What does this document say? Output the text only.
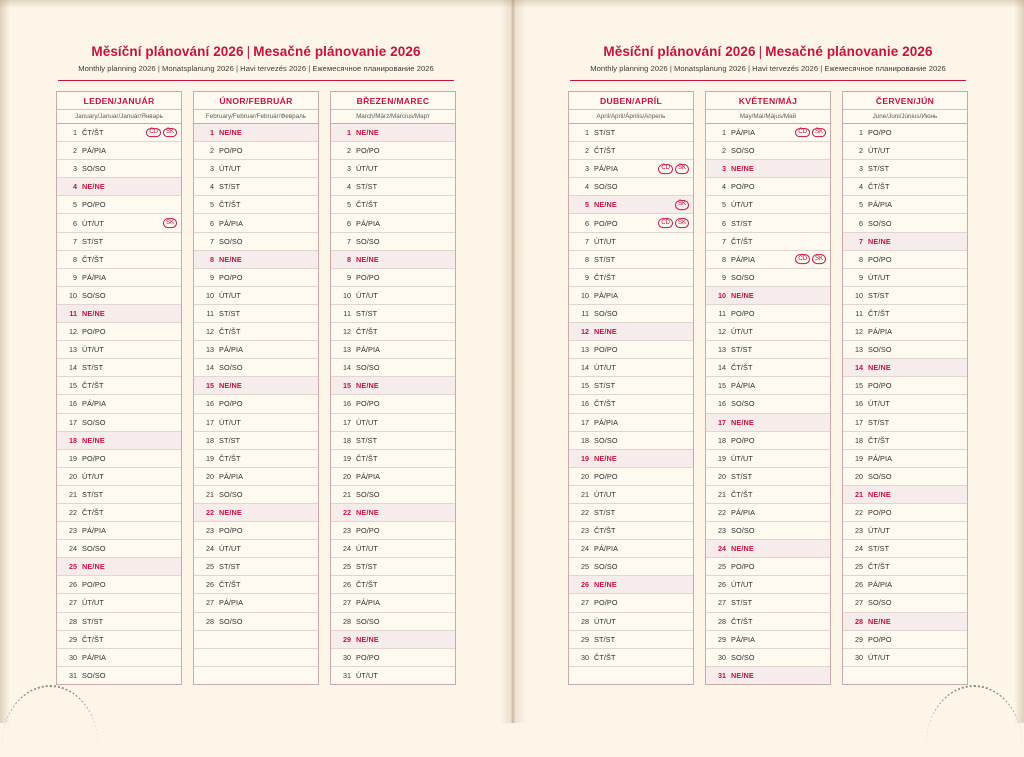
Měsíční plánování 2026 | Mesačné plánovanie 2026
Monthly planning 2026 | Monatsplanung 2026 | Havi tervezés 2026 | Ежемесячное планирование 2026
LEDEN/JANUÁR
January/Januar/Január/Январь
1 ČT/ŠT	ČD	ŠK
2 PÁ/PIA
3 SO/SO
4 NE/NE
5 PO/PO
6 ÚT/UT	ŠK
7 ST/ST
8 ČT/ŠT
9 PÁ/PIA
10 SO/SO
11 NE/NE
12 PO/PO
13 ÚT/UT
14 ST/ST
15 ČT/ŠT
16 PÁ/PIA
17 SO/SO
18 NE/NE
19 PO/PO
20 ÚT/UT
21 ST/ST
22 ČT/ŠT
23 PÁ/PIA
24 SO/SO
25 NE/NE
26 PO/PO
27 ÚT/UT
28 ST/ST
29 ČT/ŠT
30 PÁ/PIA
31 SO/SO
ÚNOR/FEBRUÁR
February/Februar/Február/Февраль
1 NE/NE
2 PO/PO
3 ÚT/UT
4 ST/ST
5 ČT/ŠT
6 PÁ/PIA
7 SO/SO
8 NE/NE
9 PO/PO
10 ÚT/UT
11 ST/ST
12 ČT/ŠT
13 PÁ/PIA
14 SO/SO
15 NE/NE
16 PO/PO
17 ÚT/UT
18 ST/ST
19 ČT/ŠT
20 PÁ/PIA
21 SO/SO
22 NE/NE
23 PO/PO
24 ÚT/UT
25 ST/ST
26 ČT/ŠT
27 PÁ/PIA
28 SO/SO
BŘEZEN/MAREC
March/März/Március/Март
1 NE/NE
2 PO/PO
3 ÚT/UT
4 ST/ST
5 ČT/ŠT
6 PÁ/PIA
7 SO/SO
8 NE/NE
9 PO/PO
10 ÚT/UT
11 ST/ST
12 ČT/ŠT
13 PÁ/PIA
14 SO/SO
15 NE/NE
16 PO/PO
17 ÚT/UT
18 ST/ST
19 ČT/ŠT
20 PÁ/PIA
21 SO/SO
22 NE/NE
23 PO/PO
24 ÚT/UT
25 ST/ST
26 ČT/ŠT
27 PÁ/PIA
28 SO/SO
29 NE/NE
30 PO/PO
31 ÚT/UT
Měsíční plánování 2026 | Mesačné plánovanie 2026
Monthly planning 2026 | Monatsplanung 2026 | Havi tervezés 2026 | Ежемесячное планирование 2026
DUBEN/APRÍL
April/April/Április/Апрель
1 ST/ST
2 ČT/ŠT
3 PÁ/PIA	ČD	ŠK
4 SO/SO
5 NE/NE	ŠK
6 PO/PO	ČD	ŠK
7 ÚT/UT
8 ST/ST
9 ČT/ŠT
10 PÁ/PIA
11 SO/SO
12 NE/NE
13 PO/PO
14 ÚT/UT
15 ST/ST
16 ČT/ŠT
17 PÁ/PIA
18 SO/SO
19 NE/NE
20 PO/PO
21 ÚT/UT
22 ST/ST
23 ČT/ŠT
24 PÁ/PIA
25 SO/SO
26 NE/NE
27 PO/PO
28 ÚT/UT
29 ST/ST
30 ČT/ŠT
KVĚTEN/MÁJ
May/Mai/Május/Май
1 PÁ/PIA	ČD	ŠK
2 SO/SO
3 NE/NE
4 PO/PO
5 ÚT/UT
6 ST/ST
7 ČT/ŠT
8 PÁ/PIA	ČD	ŠK
9 SO/SO
10 NE/NE
11 PO/PO
12 ÚT/UT
13 ST/ST
14 ČT/ŠT
15 PÁ/PIA
16 SO/SO
17 NE/NE
18 PO/PO
19 ÚT/UT
20 ST/ST
21 ČT/ŠT
22 PÁ/PIA
23 SO/SO
24 NE/NE
25 PO/PO
26 ÚT/UT
27 ST/ST
28 ČT/ŠT
29 PÁ/PIA
30 SO/SO
31 NE/NE
ČERVEN/JÚN
June/Juni/Június/Июнь
1 PO/PO
2 ÚT/UT
3 ST/ST
4 ČT/ŠT
5 PÁ/PIA
6 SO/SO
7 NE/NE
8 PO/PO
9 ÚT/UT
10 ST/ST
11 ČT/ŠT
12 PÁ/PIA
13 SO/SO
14 NE/NE
15 PO/PO
16 ÚT/UT
17 ST/ST
18 ČT/ŠT
19 PÁ/PIA
20 SO/SO
21 NE/NE
22 PO/PO
23 ÚT/UT
24 ST/ST
25 ČT/ŠT
26 PÁ/PIA
27 SO/SO
28 NE/NE
29 PO/PO
30 ÚT/UT
